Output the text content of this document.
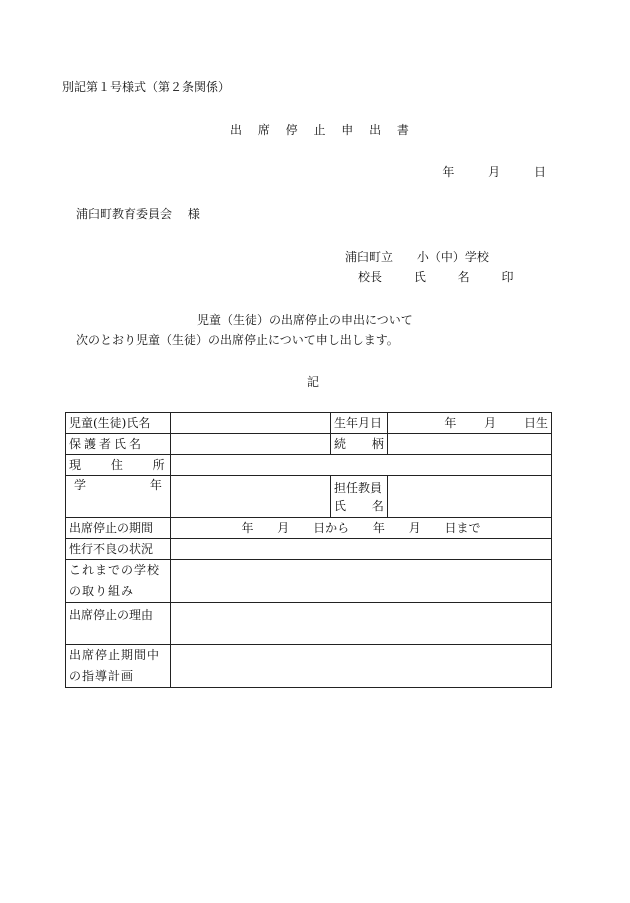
別記第１号様式（第２条関係）
出 席 停 止 申 出 書
年 月 日
浦臼町教育委員会 様
浦臼町立 小（中）学校
校長 氏 名 印
児童（生徒）の出席停止の申出について
次のとおり児童（生徒）の出席停止について申し出します。
記
児童(生徒)氏名		生年月日	年 月 日生
保護者氏名		続 柄	
現 住 所			
学 年		担任教員
氏 名	

出席停止の期間	年 月 日から 年 月 日まで		
性行不良の状況			
これまでの学校の取り組み			
出席停止の理由			
出席停止期間中の指導計画			
